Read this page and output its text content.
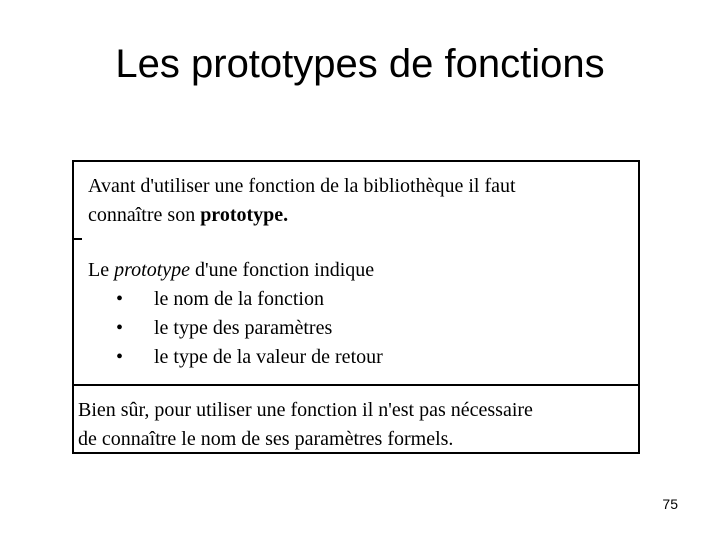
Les prototypes de fonctions
Avant d'utiliser une fonction de la bibliothèque il faut
connaître son prototype.
Le prototype d'une fonction indique
• le nom de la fonction
• le type des paramètres
• le type de la valeur de retour
Bien sûr, pour utiliser une fonction il n'est pas nécessaire
de connaître le nom de ses paramètres formels.
75
